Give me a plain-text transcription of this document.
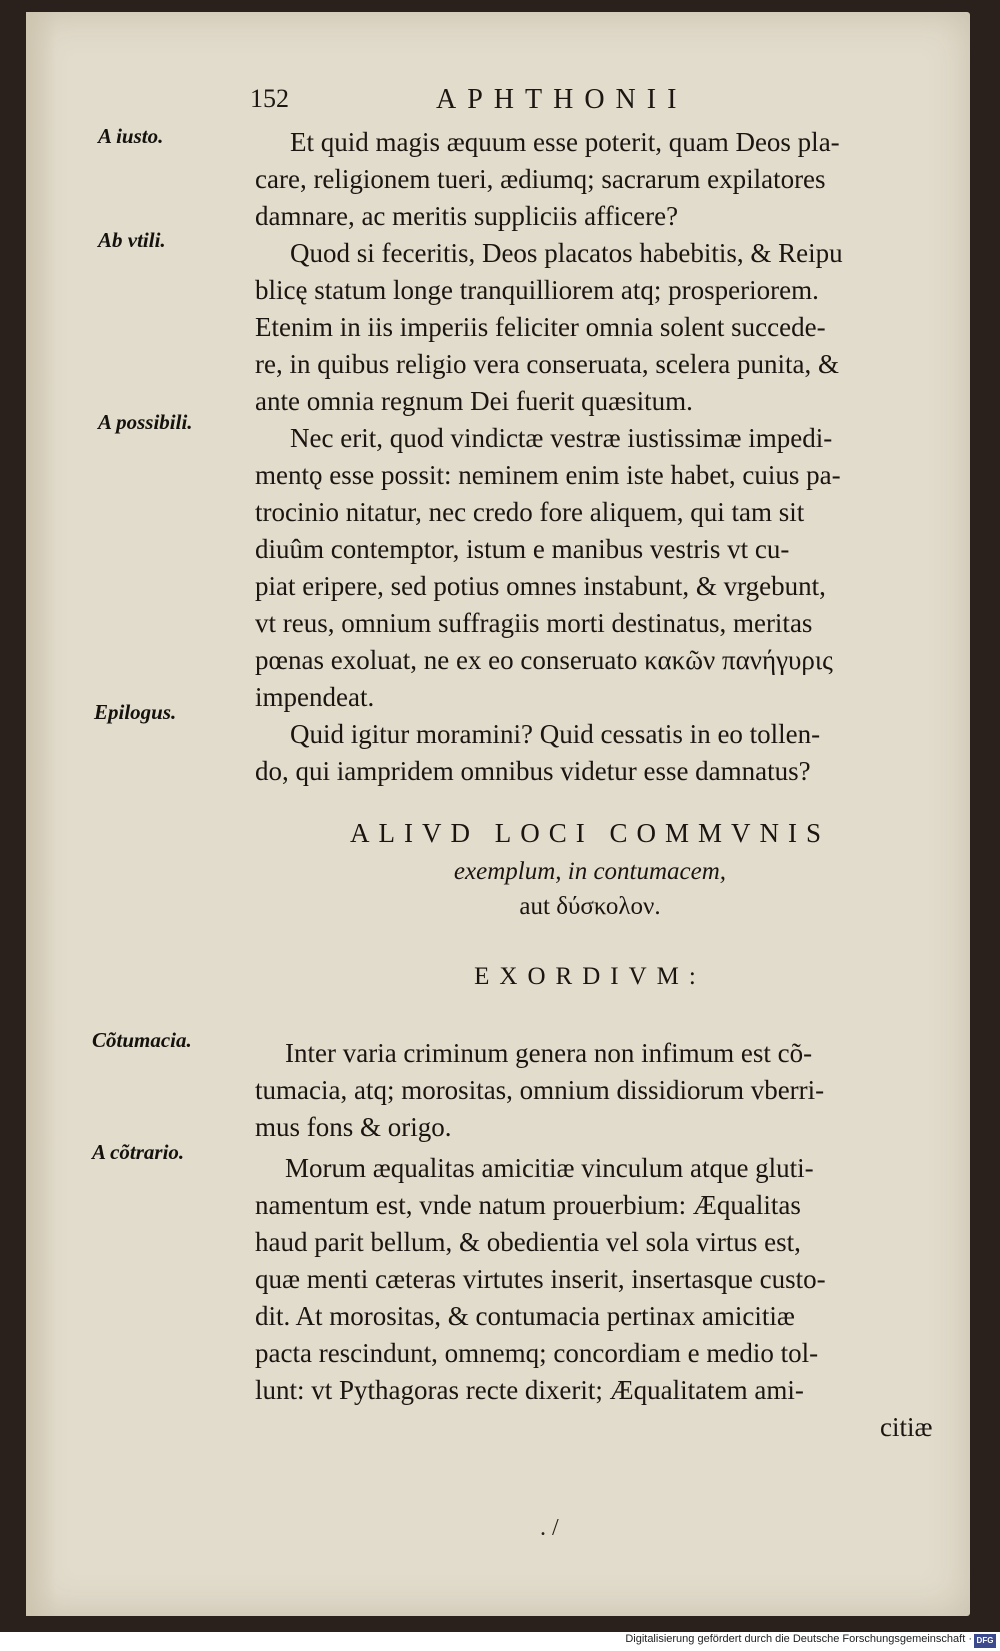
152	APHTHONII
A iusto.
Ab vtili.
A possibili.
Epilogus.
Cõtumacia.
A cõtrario.

Et quid magis æquum esse poterit, quam Deos pla-

care, religionem tueri, ædiumq; sacrarum expilatores

damnare, ac meritis suppliciis afficere?

Quod si feceritis, Deos placatos habebitis, & Reipu

blicę statum longe tranquilliorem atq; prosperiorem.

Etenim in iis imperiis feliciter omnia solent succede-

re, in quibus religio vera conseruata, scelera punita, &

ante omnia regnum Dei fuerit quæsitum.

Nec erit, quod vindictæ vestræ iustissimæ impedi-

mentǫ esse possit: neminem enim iste habet, cuius pa-

trocinio nitatur, nec credo fore aliquem, qui tam sit

diuûm contemptor, istum e manibus vestris vt cu-

piat eripere, sed potius omnes instabunt, & vrgebunt,

vt reus, omnium suffragiis morti destinatus, meritas

pœnas exoluat, ne ex eo conseruato κακῶν πανήγυρις

impendeat.

Quid igitur moramini? Quid cessatis in eo tollen-

do, qui iampridem omnibus videtur esse damnatus?

ALIVD LOCI COMMVNIS
exemplum, in contumacem,
aut δύσκολον.
EXORDIVM:

Inter varia criminum genera non infimum est cõ-

tumacia, atq; morositas, omnium dissidiorum vberri-

mus fons & origo.

Morum æqualitas amicitiæ vinculum atque gluti-

namentum est, vnde natum prouerbium: Æqualitas

haud parit bellum, & obedientia vel sola virtus est,

quæ menti cæteras virtutes inserit, insertasque custo-

dit. At morositas, & contumacia pertinax amicitiæ

pacta rescindunt, omnemq; concordiam e medio tol-

lunt: vt Pythagoras recte dixerit; Æqualitatem ami-

citiæ

. /
Digitalisierung gefördert durch die Deutsche Forschungsgemeinschaft · DFG
